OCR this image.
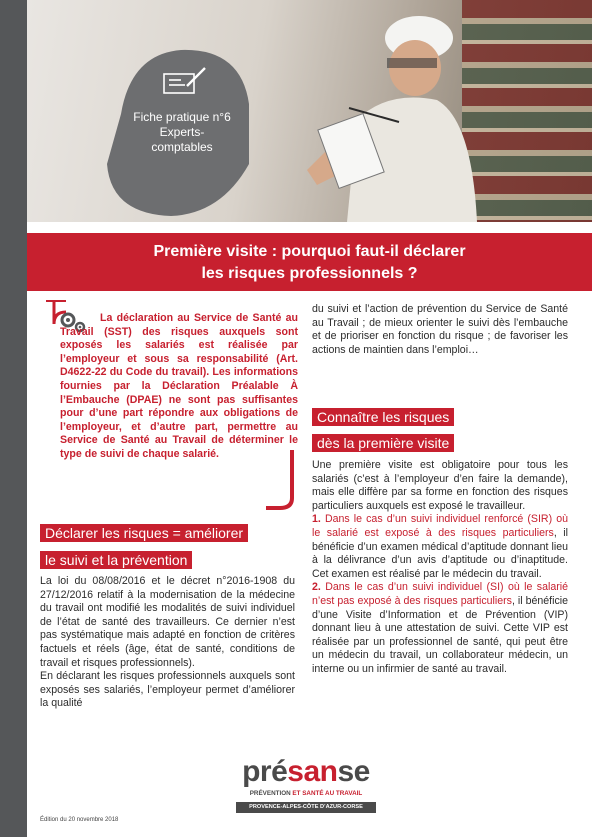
Fiche pratique n°6
Experts-
comptables
Première visite : pourquoi faut-il déclarer
les risques professionnels ?
La déclaration au Service de Santé au Travail (SST) des risques auxquels sont exposés les salariés est réalisée par l’employeur et sous sa responsabilité (Art. D4622-22 du Code du travail). Les informations fournies par la Déclaration Préalable À l’Embauche (DPAE) ne sont pas suffisantes pour d’une part répondre aux obligations de l’employeur, et d’autre part, permettre au Service de Santé au Travail de déterminer le type de suivi de chaque salarié.
Déclarer les risques = améliorer
le suivi et la prévention

La loi du 08/08/2016 et le décret n°2016-1908 du 27/12/2016 relatif à la modernisation de la médecine du travail ont modifié les modalités de suivi individuel de l’état de santé des travailleurs. Ce dernier n’est pas systématique mais adapté en fonction de critères factuels et réels (âge, état de santé, conditions de travail et risques professionnels).

En déclarant les risques professionnels auxquels sont exposés ses salariés, l’employeur permet d’améliorer la qualité

du suivi et l’action de prévention du Service de Santé au Travail ; de mieux orienter le suivi dès l’embauche et de prioriser en fonction du risque ; de favoriser les actions de maintien dans l’emploi…

Connaître les risques
dès la première visite

Une première visite est obligatoire pour tous les salariés (c’est à l’employeur d’en faire la demande), mais elle diffère par sa forme en fonction des risques particuliers auxquels est exposé le travailleur.

1. Dans le cas d’un suivi individuel renforcé (SIR) où le salarié est exposé à des risques particuliers, il bénéficie d’un examen médical d’aptitude donnant lieu à la délivrance d’un avis d’aptitude ou d’inaptitude. Cet examen est réalisé par le médecin du travail.

2. Dans le cas d’un suivi individuel (SI) où le salarié n’est pas exposé à des risques particuliers, il bénéficie d’une Visite d’Information et de Prévention (VIP) donnant lieu à une attestation de suivi. Cette VIP est réalisée par un professionnel de santé, qui peut être un médecin du travail, un collaborateur médecin, un interne ou un infirmier de santé au travail.

Édition du 20 novembre 2018
présanse
PRÉVENTION ET SANTÉ AU TRAVAIL
PROVENCE-ALPES-CÔTE D’AZUR-CORSE
